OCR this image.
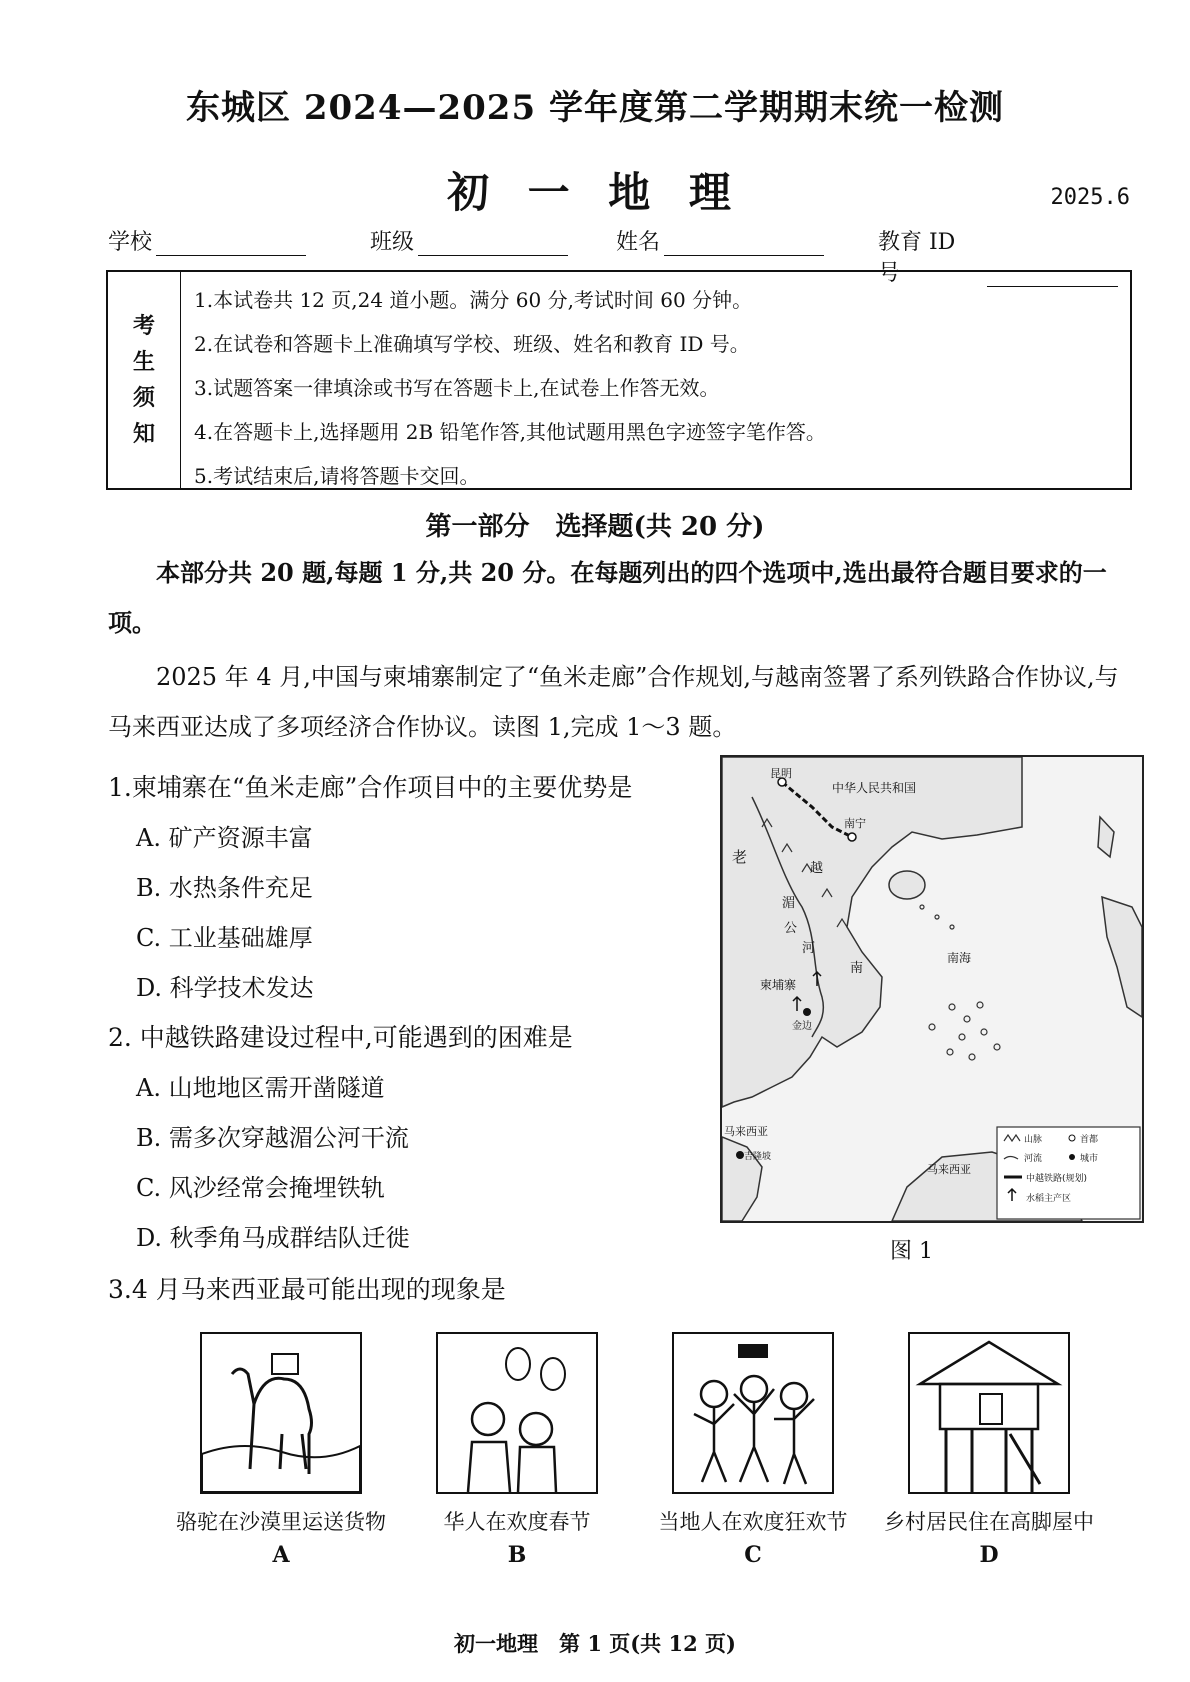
东城区 2024—2025 学年度第二学期期末统一检测
初 一 地 理	2025.6
学校	班级	姓名	教育 ID 号
考
生
须
知
1.本试卷共 12 页,24 道小题。满分 60 分,考试时间 60 分钟。
2.在试卷和答题卡上准确填写学校、班级、姓名和教育 ID 号。
3.试题答案一律填涂或书写在答题卡上,在试卷上作答无效。
4.在答题卡上,选择题用 2B 铅笔作答,其他试题用黑色字迹签字笔作答。
5.考试结束后,请将答题卡交回。
第一部分　选择题(共 20 分)
本部分共 20 题,每题 1 分,共 20 分。在每题列出的四个选项中,选出最符合题目要求的一项。
2025 年 4 月,中国与柬埔寨制定了“鱼米走廊”合作规划,与越南签署了系列铁路合作协议,与马来西亚达成了多项经济合作协议。读图 1,完成 1～3 题。
1.柬埔寨在“鱼米走廊”合作项目中的主要优势是
A. 矿产资源丰富
B. 水热条件充足
C. 工业基础雄厚
D. 科学技术发达
2. 中越铁路建设过程中,可能遇到的困难是
A. 山地地区需开凿隧道
B. 需多次穿越湄公河干流
C. 风沙经常会掩埋铁轨
D. 秋季角马成群结队迁徙
3.4 月马来西亚最可能出现的现象是
昆明
中华人民共和国
南宁
老
越
湄
公
河
柬埔寨
金边
南
南海
马来西亚
吉隆坡
马来西亚
山脉	首都
河流	城市
中越铁路(规划)
水稻主产区
图 1
骆驼在沙漠里运送货物	华人在欢度春节	当地人在欢度狂欢节	乡村居民住在高脚屋中
A	B	C	D
初一地理　第 1 页(共 12 页)
